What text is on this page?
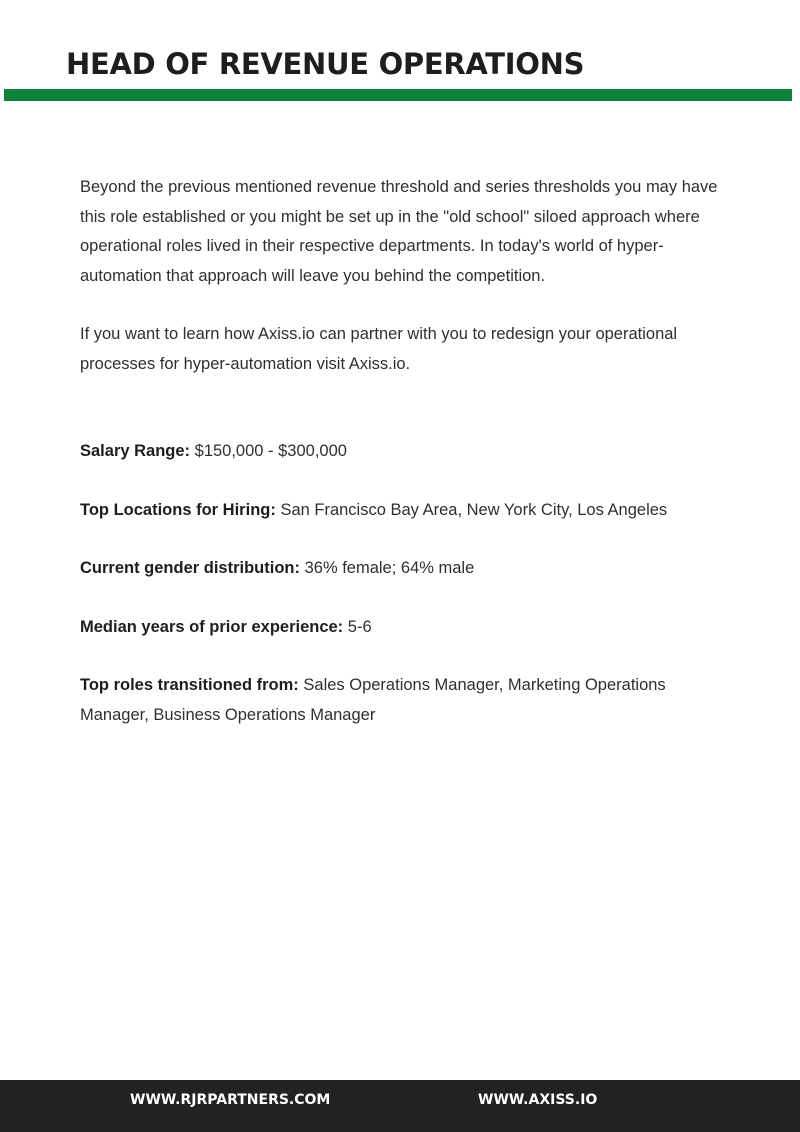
HEAD OF REVENUE OPERATIONS

Beyond the previous mentioned revenue threshold and series thresholds you may have this role established or you might be set up in the "old school" siloed approach where operational roles lived in their respective departments. In today's world of hyper-automation that approach will leave you behind the competition.

If you want to learn how Axiss.io can partner with you to redesign your operational processes for hyper-automation visit Axiss.io.

Salary Range: $150,000 - $300,000

Top Locations for Hiring: San Francisco Bay Area, New York City, Los Angeles

Current gender distribution: 36% female; 64% male

Median years of prior experience: 5-6

Top roles transitioned from: Sales Operations Manager, Marketing Operations Manager, Business Operations Manager

WWW.RJRPARTNERS.COM	WWW.AXISS.IO
